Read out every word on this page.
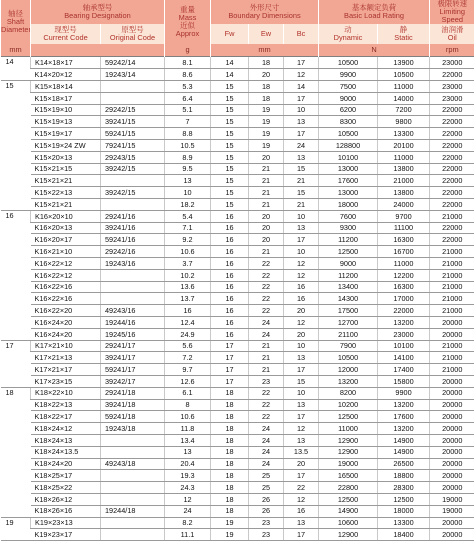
轴径
Shaft
Diameter	轴承型号
Bearing Designation		重量
Mass
近似
Approx	外形尺寸
Boundary Dimensions			基本额定负荷
Basic Load Rating		极限转速
Limiting Speed

	现型号
Current Code	原型号
Original Code		Fw	Ew	Bc	动
Dynamic	静
Static	油润滑
Oil

mm			g	mm			N		rpm
14	K14×18×17	59242/14	8.1	14	18	17	10500	13900	23000
	K14×20×12	19243/14	8.6	14	20	12	9900	10500	22000
15	K15×18×14		5.3	15	18	14	7500	11000	23000
	K15×18×17		6.4	15	18	17	9000	14000	23000
	K15×19×10	29242/15	5.1	15	19	10	6200	7200	22000
	K15×19×13	39241/15	7	15	19	13	8300	9800	22000
	K15×19×17	59241/15	8.8	15	19	17	10500	13300	22000
	K15×19×24 ZW	79241/15	10.5	15	19	24	128800	20100	22000
	K15×20×13	29243/15	8.9	15	20	13	10100	11000	22000
	K15×21×15	39242/15	9.5	15	21	15	13000	13800	22000
	K15×21×21		13	15	21	21	17600	21000	22000
	K15×22×13	39242/15	10	15	21	15	13000	13800	22000
	K15×21×21		18.2	15	21	21	18000	24000	22000
16	K16×20×10	29241/16	5.4	16	20	10	7600	9700	21000
	K16×20×13	39241/16	7.1	16	20	13	9300	11100	22000
	K16×20×17	59241/16	9.2	16	20	17	11200	16300	22000
	K16×21×10	29242/16	10.6	16	21	10	12500	16700	21000
	K16×22×12	19243/16	3.7	16	22	12	9000	11000	21000
	K16×22×12		10.2	16	22	12	11200	12200	21000
	K16×22×16		13.6	16	22	16	13400	16300	21000
	K16×22×16		13.7	16	22	16	14300	17000	21000
	K16×22×20	49243/16	16	16	22	20	17500	22000	21000
	K16×24×20	19244/16	12.4	16	24	12	12700	13200	20000
	K16×24×20	19245/16	24.9	16	24	20	21100	23000	20000
17	K17×21×10	29241/17	5.6	17	21	10	7900	10100	21000
	K17×21×13	39241/17	7.2	17	21	13	10500	14100	21000
	K17×21×17	59241/17	9.7	17	21	17	12000	17400	21000
	K17×23×15	39242/17	12.6	17	23	15	13200	15800	20000
18	K18×22×10	29241/18	6.1	18	22	10	8200	9900	20000
	K18×22×13	39241/18	8	18	22	13	10200	13200	20000
	K18×22×17	59241/18	10.6	18	22	17	12500	17600	20000
	K18×24×12	19243/18	11.8	18	24	12	11000	13200	20000
	K18×24×13		13.4	18	24	13	12900	14900	20000
	K18×24×13.5		13	18	24	13.5	12900	14900	20000
	K18×24×20	49243/18	20.4	18	24	20	19000	26500	20000
	K18×25×17		19.3	18	25	17	16500	18800	20000
	K18×25×22		24.3	18	25	22	22800	28300	20000
	K18×26×12		12	18	26	12	12500	12500	19000
	K18×26×16	19244/18	24	18	26	16	14900	18000	19000
19	K19×23×13		8.2	19	23	13	10600	13300	20000
	K19×23×17		11.1	19	23	17	12900	18400	20000
